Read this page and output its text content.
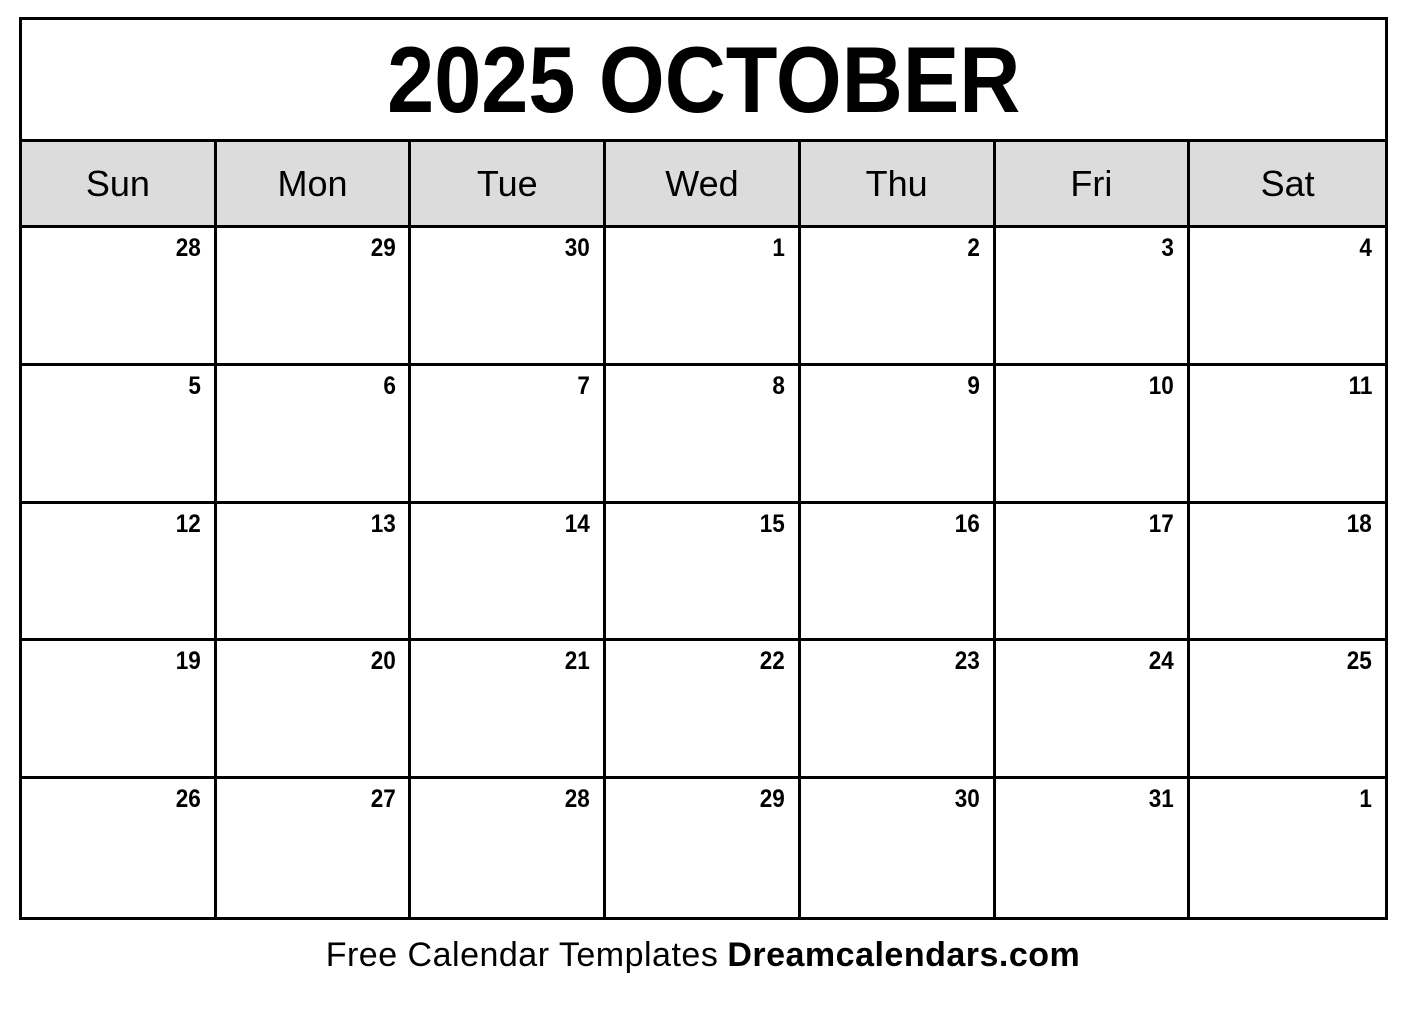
2025 OCTOBER
Sun	Mon	Tue	Wed	Thu	Fri	Sat
28	29	30	1	2	3	4
5	6	7	8	9	10	11
12	13	14	15	16	17	18
19	20	21	22	23	24	25
26	27	28	29	30	31	1
Free Calendar Templates Dreamcalendars.com
